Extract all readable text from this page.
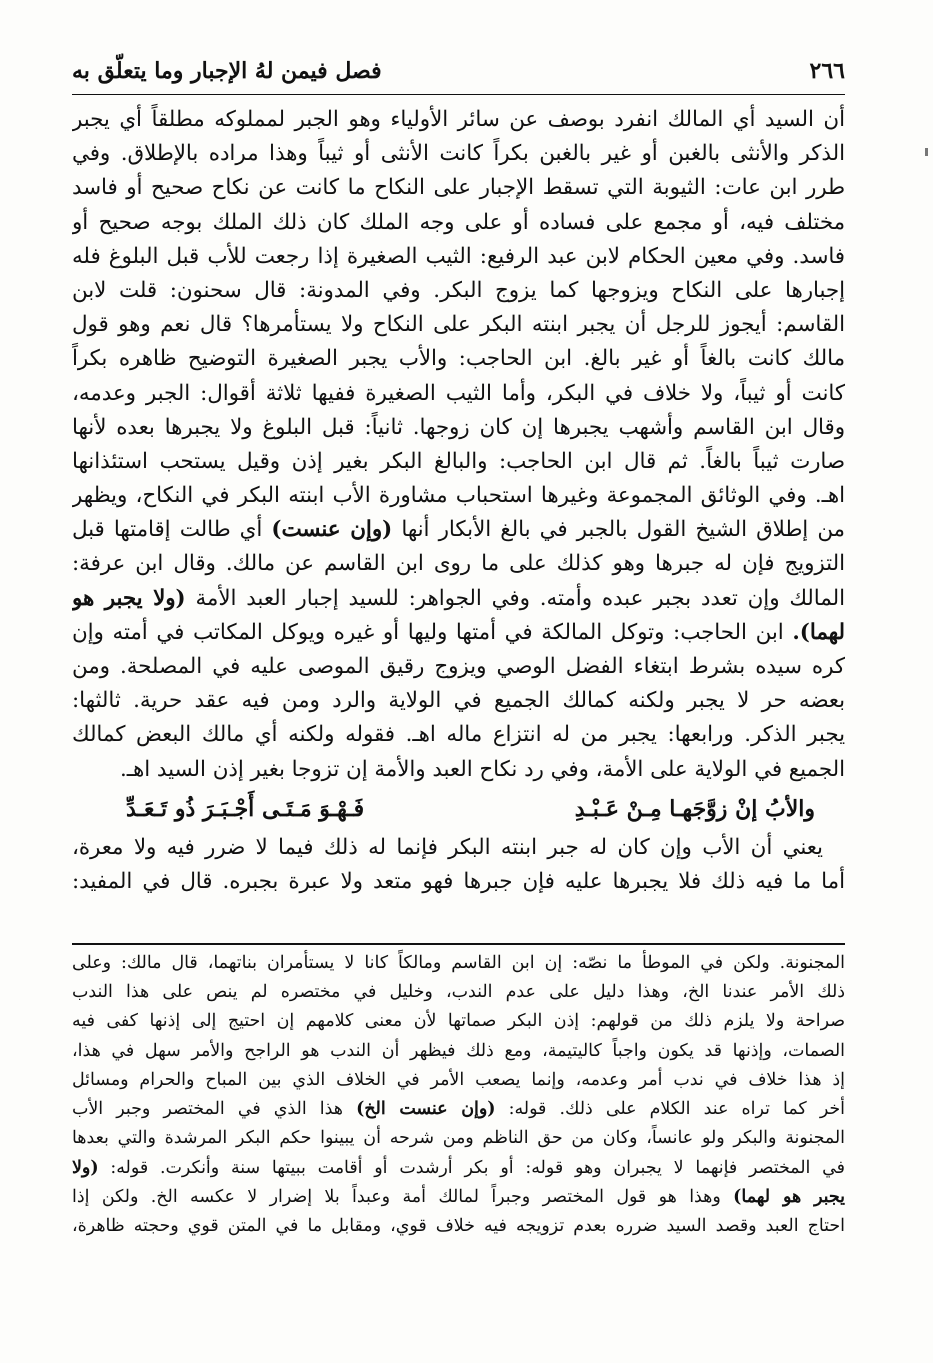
٢٦٦
فصل فيمن لهُ الإجبار وما يتعلّق به
أن السيد أي المالك انفرد بوصف عن سائر الأولياء وهو الجبر لمملوكه مطلقاً أي يجبر
الذكر والأنثى بالغبن أو غير بالغبن بكراً كانت الأنثى أو ثيباً وهذا مراده بالإطلاق. وفي
طرر ابن عات: الثيوبة التي تسقط الإجبار على النكاح ما كانت عن نكاح صحيح أو فاسد
مختلف فيه، أو مجمع على فساده أو على وجه الملك كان ذلك الملك بوجه صحيح أو
فاسد. وفي معين الحكام لابن عبد الرفيع: الثيب الصغيرة إذا رجعت للأب قبل البلوغ فله
إجبارها على النكاح ويزوجها كما يزوج البكر. وفي المدونة: قال سحنون: قلت لابن
القاسم: أيجوز للرجل أن يجبر ابنته البكر على النكاح ولا يستأمرها؟ قال نعم وهو قول
مالك كانت بالغاً أو غير بالغ. ابن الحاجب: والأب يجبر الصغيرة التوضيح ظاهره بكراً
كانت أو ثيباً، ولا خلاف في البكر، وأما الثيب الصغيرة ففيها ثلاثة أقوال: الجبر وعدمه،
وقال ابن القاسم وأشهب يجبرها إن كان زوجها. ثانياً: قبل البلوغ ولا يجبرها بعده لأنها
صارت ثيباً بالغاً. ثم قال ابن الحاجب: والبالغ البكر بغير إذن وقيل يستحب استئذانها
اهـ. وفي الوثائق المجموعة وغيرها استحباب مشاورة الأب ابنته البكر في النكاح، ويظهر
من إطلاق الشيخ القول بالجبر في بالغ الأبكار أنها (وإن عنست) أي طالت إقامتها قبل
التزويج فإن له جبرها وهو كذلك على ما روى ابن القاسم عن مالك. وقال ابن عرفة:
المالك وإن تعدد بجبر عبده وأمته. وفي الجواهر: للسيد إجبار العبد الأمة (ولا يجبر هو
لهما). ابن الحاجب: وتوكل المالكة في أمتها وليها أو غيره ويوكل المكاتب في أمته وإن
كره سيده بشرط ابتغاء الفضل الوصي ويزوج رقيق الموصى عليه في المصلحة. ومن
بعضه حر لا يجبر ولكنه كمالك الجميع في الولاية والرد ومن فيه عقد حرية. ثالثها:
يجبر الذكر. ورابعها: يجبر من له انتزاع ماله اهـ. فقوله ولكنه أي مالك البعض كمالك
الجميع في الولاية على الأمة، وفي رد نكاح العبد والأمة إن تزوجا بغير إذن السيد اهـ.
والأبُ إنْ زوَّجَهـا مِـنْ عَـبْـدِ
فَـهْـوَ مَـتَـى أَجْـبَـرَ ذُو تَـعَـدِّ
يعني أن الأب وإن كان له جبر ابنته البكر فإنما له ذلك فيما لا ضرر فيه ولا معرة،
أما ما فيه ذلك فلا يجبرها عليه فإن جبرها فهو متعد ولا عبرة بجبره. قال في المفيد:
المجنونة. ولكن في الموطأ ما نصّه: إن ابن القاسم ومالكاً كانا لا يستأمران بناتهما، قال مالك: وعلى
ذلك الأمر عندنا الخ، وهذا دليل على عدم الندب، وخليل في مختصره لم ينص على هذا الندب
صراحة ولا يلزم ذلك من قولهم: إذن البكر صماتها لأن معنى كلامهم إن احتيج إلى إذنها كفى فيه
الصمات، وإذنها قد يكون واجباً كاليتيمة، ومع ذلك فيظهر أن الندب هو الراجح والأمر سهل في هذا،
إذ هذا خلاف في ندب أمر وعدمه، وإنما يصعب الأمر في الخلاف الذي بين المباح والحرام ومسائل
أخر كما تراه عند الكلام على ذلك. قوله: (وإن عنست الخ) هذا الذي في المختصر وجبر الأب
المجنونة والبكر ولو عانساً، وكان من حق الناظم ومن شرحه أن يبينوا حكم البكر المرشدة والتي بعدها
في المختصر فإنهما لا يجبران وهو قوله: أو بكر أرشدت أو أقامت ببيتها سنة وأنكرت. قوله: (ولا
يجبر هو لهما) وهذا هو قول المختصر وجبراً لمالك أمة وعبداً بلا إضرار لا عكسه الخ. ولكن إذا
احتاج العبد وقصد السيد ضرره بعدم تزويجه فيه خلاف قوي، ومقابل ما في المتن قوي وحجته ظاهرة،
